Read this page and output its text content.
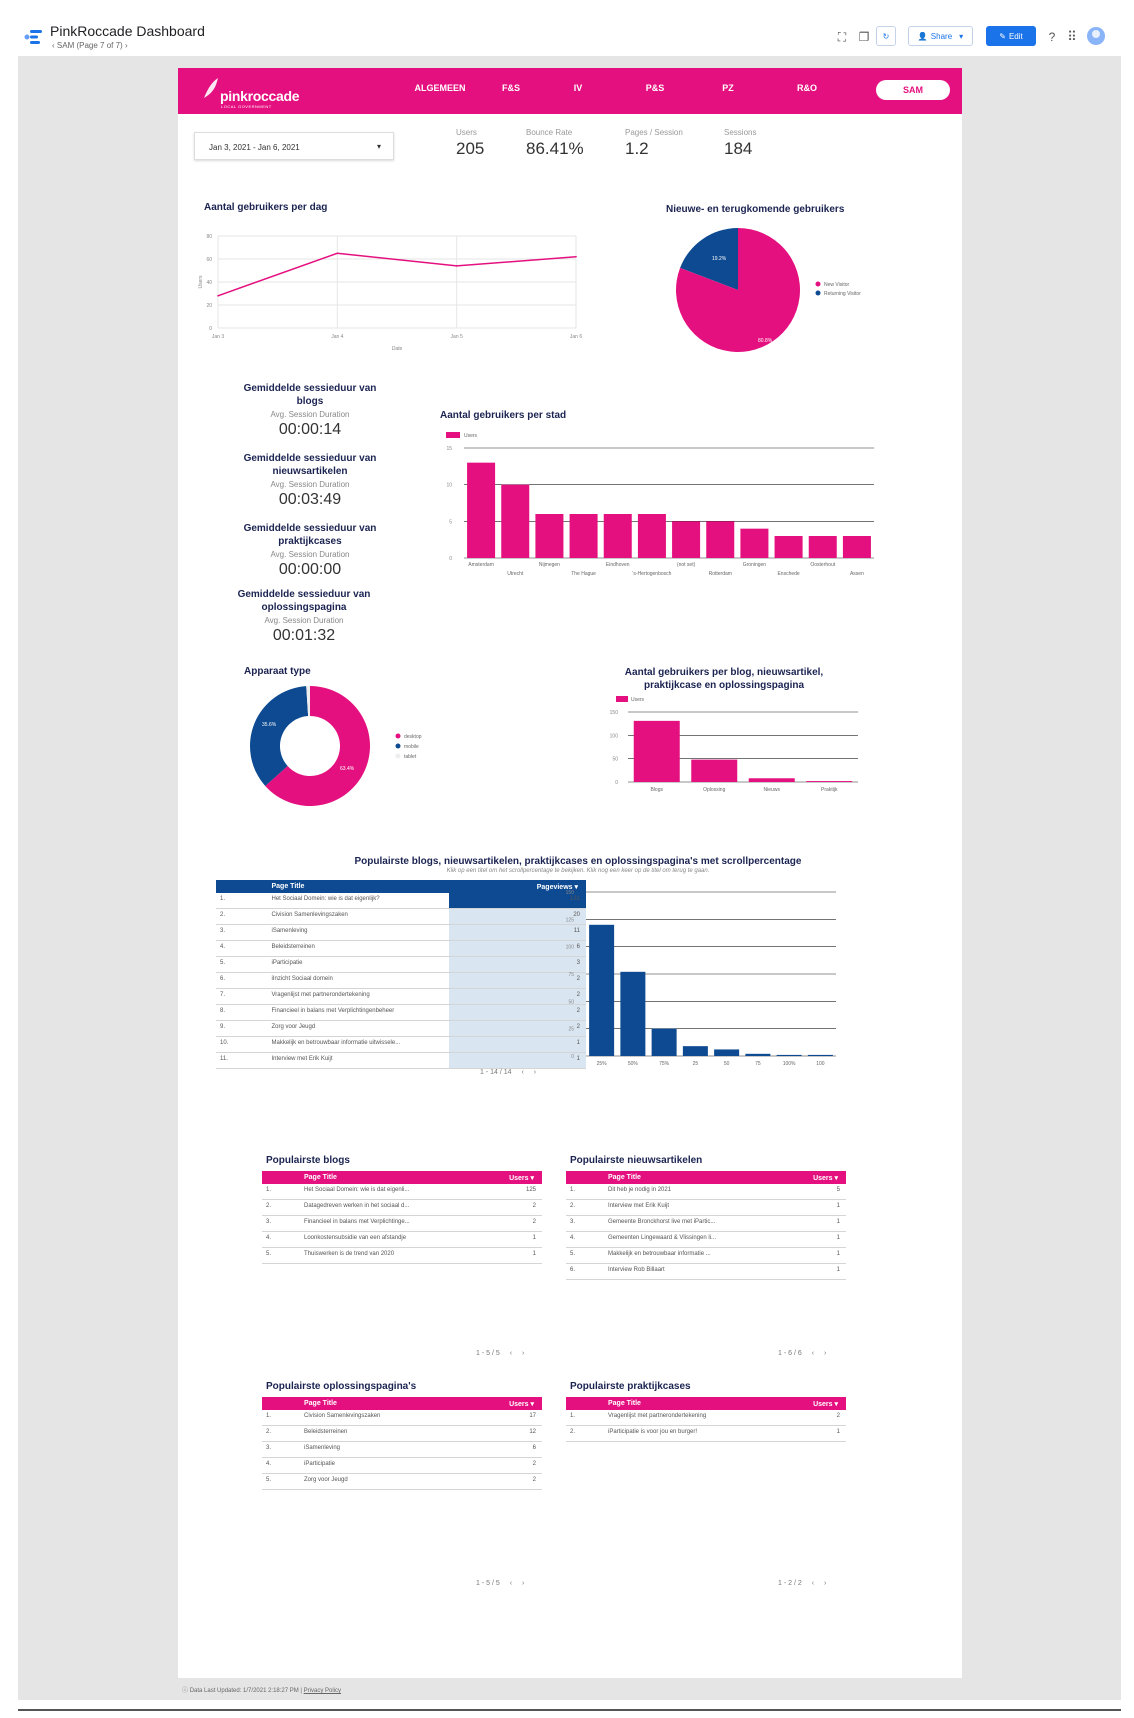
PinkRoccade Dashboard
‹ SAM (Page 7 of 7) ›
⛶	❐	↻	👤 Share ▾	✎ Edit	? ⠿
pinkroccade
LOCAL GOVERNMENT
ALGEMEEN	F&S	IV	P&S	PZ	R&O	SAM
Jan 3, 2021 - Jan 6, 2021	▾
Users
205
Bounce Rate
86.41%
Pages / Session
1.2
Sessions
184
Aantal gebruikers per dag
0
20
40
60
80
Jan 3	Jan 4	Jan 5	Jan 6
Date
Users
Nieuwe- en terugkomende gebruikers
19.2%
80.8%
New Visitor
Returning Visitor
Gemiddelde sessieduur van blogs
Avg. Session Duration
00:00:14
Gemiddelde sessieduur van nieuwsartikelen
Avg. Session Duration
00:03:49
Gemiddelde sessieduur van praktijkcases
Avg. Session Duration
00:00:00
Gemiddelde sessieduur van oplossingspagina
Avg. Session Duration
00:01:32
Aantal gebruikers per stad
Users
0
5
10
15
Amsterdam
Utrecht
Nijmegen
The Hague
Eindhoven
's-Hertogenbosch
(not set)
Rotterdam
Groningen
Enschede
Oosterhout
Assen
Apparaat type
35.6%
63.4%
desktop
mobile
tablet
Aantal gebruikers per blog, nieuwsartikel, praktijkcase en oplossingspagina
Users
0
50
100
150
Blogs	Oplossing	Nieuws	Praktijk
Populairste blogs, nieuwsartikelen, praktijkcases en oplossingspagina's met scrollpercentage
Klik op een titel om het scrollpercentage te bekijken. Klik nog een keer op de titel om terug te gaan.
Page Title	Pageviews ▾
1.	Het Sociaal Domein: wie is dat eigenlijk?	131
2.	Civision Samenlevingszaken	20
3.	iSamenleving	11
4.	Beleidsterreinen	6
5.	iParticipatie	3
6.	iInzicht Sociaal domein	2
7.	Vragenlijst met partnerondertekening	2
8.	Financieel in balans met Verplichtingenbeheer	2
9.	Zorg voor Jeugd	2
10.	Makkelijk en betrouwbaar informatie uitwissele...	1
11.	Interview met Erik Kuijt	1
1 - 14 / 14 ‹ ›
0
25
50
75
100
125
150
25%	50%	75%	25	50	75	100%	100
Populairste blogs
Page Title	Users ▾
1.	Het Sociaal Domein: wie is dat eigenli...	125
2.	Datagedreven werken in het sociaal d...	2
3.	Financieel in balans met Verplichtinge...	2
4.	Loonkostensubsidie van een afstandje	1
5.	Thuiswerken is de trend van 2020	1
1 - 5 / 5 ‹ ›
Populairste nieuwsartikelen
Page Title	Users ▾
1.	Dit heb je nodig in 2021	5
2.	Interview met Erik Kuijt	1
3.	Gemeente Bronckhorst live met iPartic...	1
4.	Gemeenten Lingewaard & Vlissingen li...	1
5.	Makkelijk en betrouwbaar informatie ...	1
6.	Interview Rob Billaart	1
1 - 6 / 6 ‹ ›
Populairste oplossingspagina's
Page Title	Users ▾
1.	Civision Samenlevingszaken	17
2.	Beleidsterreinen	12
3.	iSamenleving	6
4.	iParticipatie	2
5.	Zorg voor Jeugd	2
1 - 5 / 5 ‹ ›
Populairste praktijkcases
Page Title	Users ▾
1.	Vragenlijst met partnerondertekening	2
2.	iParticipatie is voor jou en burger!	1
1 - 2 / 2 ‹ ›
ⓘ Data Last Updated: 1/7/2021 2:18:27 PM | Privacy Policy
